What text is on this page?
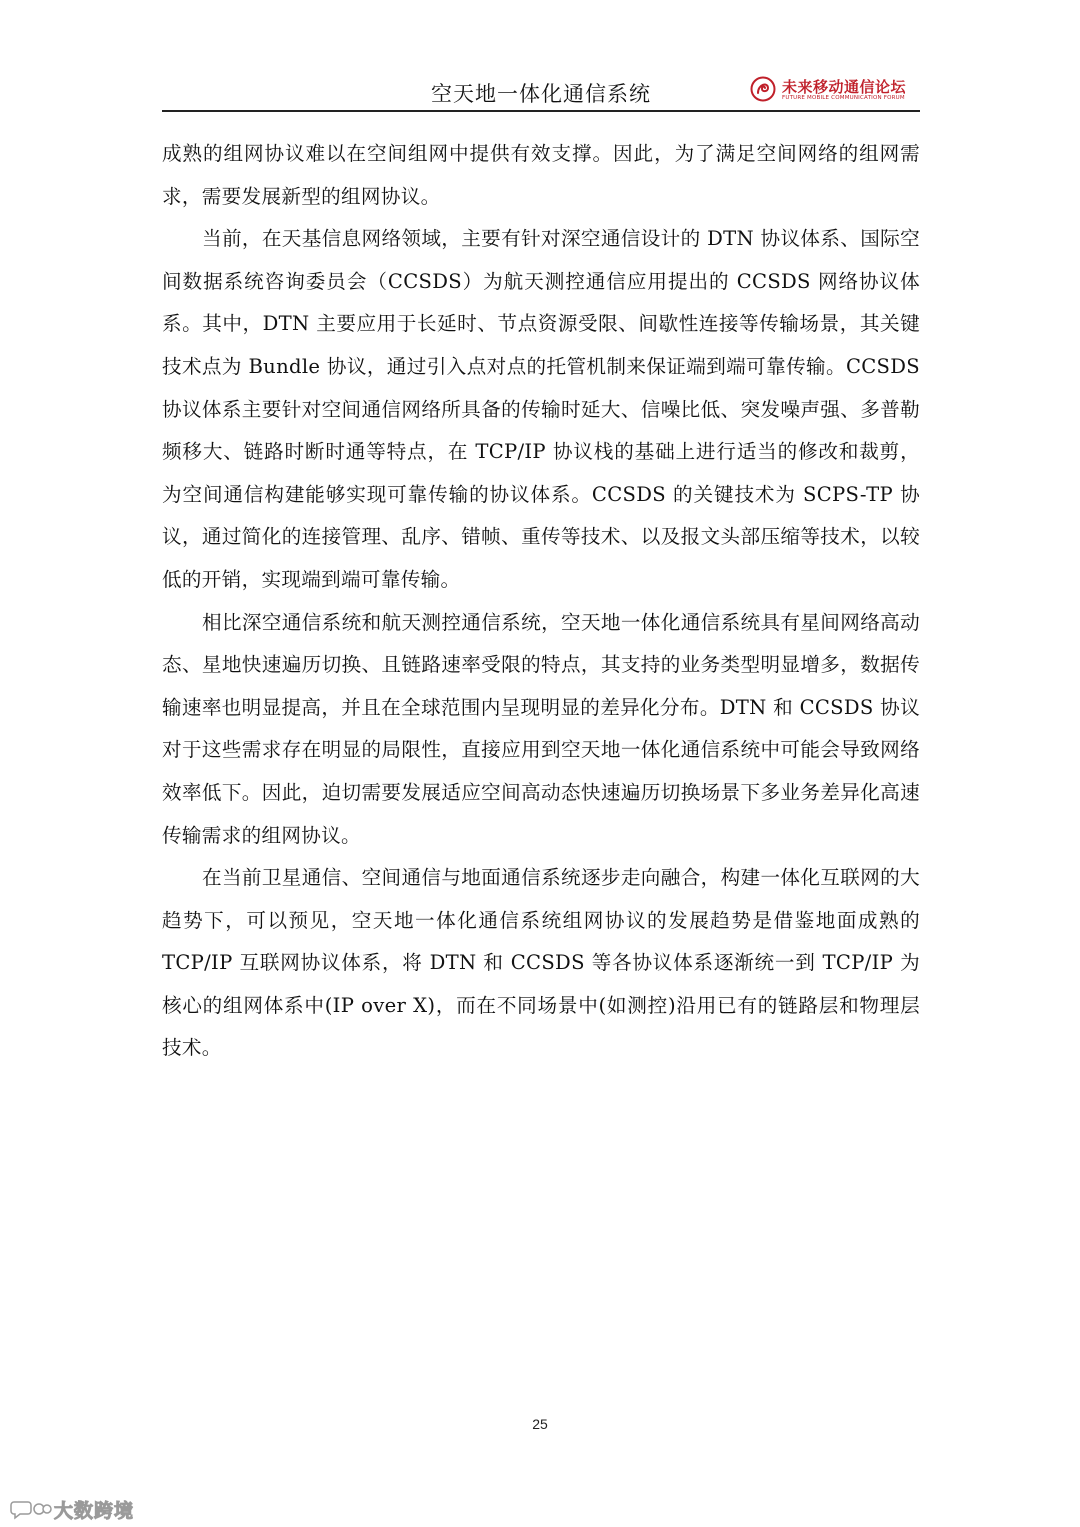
空天地一体化通信系统	未来移动通信论坛
FUTURE MOBILE COMMUNICATION FORUM

成熟的组网协议难以在空间组网中提供有效支撑。因此，为了满足空间网络的组网需求，需要发展新型的组网协议。

当前，在天基信息网络领域，主要有针对深空通信设计的 DTN 协议体系、国际空间数据系统咨询委员会（CCSDS）为航天测控通信应用提出的 CCSDS 网络协议体系。其中，DTN 主要应用于长延时、节点资源受限、间歇性连接等传输场景，其关键技术点为 Bundle 协议，通过引入点对点的托管机制来保证端到端可靠传输。CCSDS 协议体系主要针对空间通信网络所具备的传输时延大、信噪比低、突发噪声强、多普勒频移大、链路时断时通等特点，在 TCP/IP 协议栈的基础上进行适当的修改和裁剪，为空间通信构建能够实现可靠传输的协议体系。CCSDS 的关键技术为 SCPS-TP 协议，通过简化的连接管理、乱序、错帧、重传等技术、以及报文头部压缩等技术，以较低的开销，实现端到端可靠传输。

相比深空通信系统和航天测控通信系统，空天地一体化通信系统具有星间网络高动态、星地快速遍历切换、且链路速率受限的特点，其支持的业务类型明显增多，数据传输速率也明显提高，并且在全球范围内呈现明显的差异化分布。DTN 和 CCSDS 协议对于这些需求存在明显的局限性，直接应用到空天地一体化通信系统中可能会导致网络效率低下。因此，迫切需要发展适应空间高动态快速遍历切换场景下多业务差异化高速传输需求的组网协议。

在当前卫星通信、空间通信与地面通信系统逐步走向融合，构建一体化互联网的大趋势下，可以预见，空天地一体化通信系统组网协议的发展趋势是借鉴地面成熟的 TCP/IP 互联网协议体系，将 DTN 和 CCSDS 等各协议体系逐渐统一到 TCP/IP 为核心的组网体系中(IP over X)，而在不同场景中(如测控)沿用已有的链路层和物理层技术。

25
大数跨境
